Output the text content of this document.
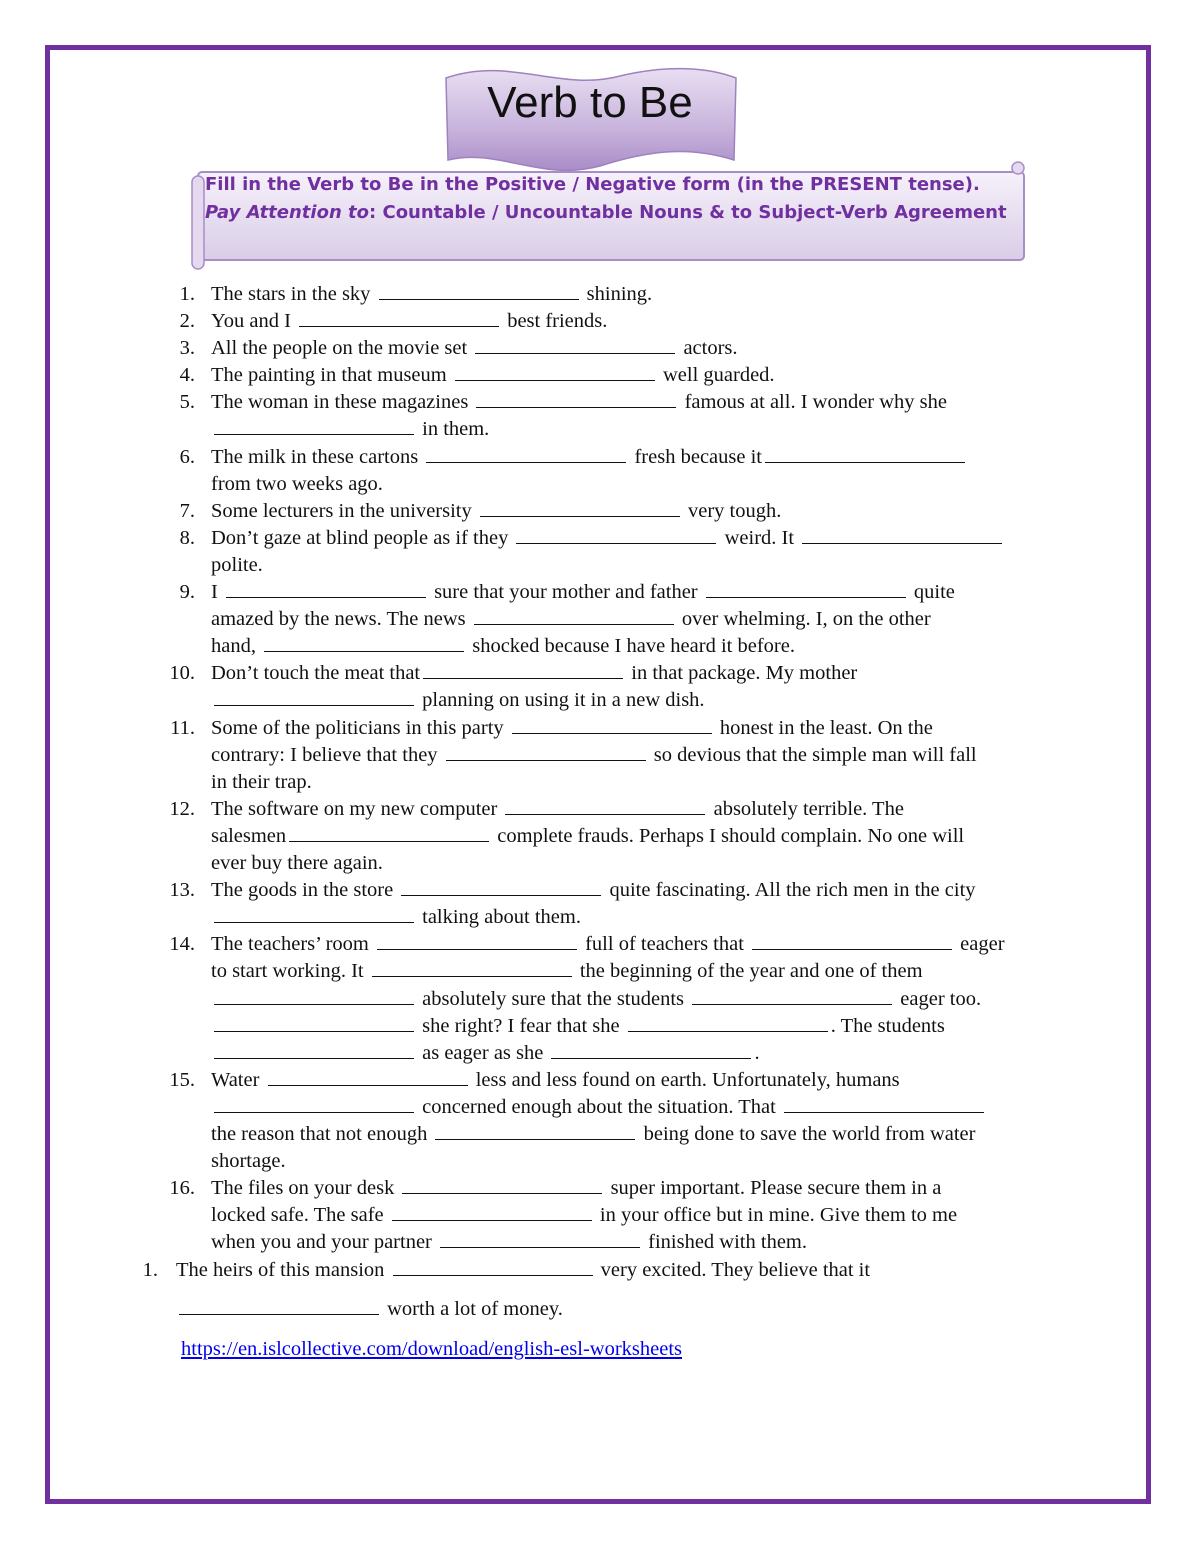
Verb to Be
Fill in the Verb to Be in the Positive / Negative form (in the PRESENT tense).
Pay Attention to: Countable / Uncountable Nouns & to Subject-Verb Agreement
1. The stars in the sky	shining.
2. You and I	best friends.
3. All the people on the movie set	actors.
4. The painting in that museum	well guarded.
5. The woman in these magazines	famous at all. I wonder why she
in them.
6. The milk in these cartons	fresh because it
from two weeks ago.
7. Some lecturers in the university	very tough.
8. Don’t gaze at blind people as if they	weird. It
polite.
9. I	sure that your mother and father	quite
amazed by the news. The news	over whelming. I, on the other
hand,	shocked because I have heard it before.
10. Don’t touch the meat that	in that package. My mother
planning on using it in a new dish.
11. Some of the politicians in this party	honest in the least. On the
contrary: I believe that they	so devious that the simple man will fall
in their trap.
12. The software on my new computer	absolutely terrible. The
salesmen	complete frauds. Perhaps I should complain. No one will
ever buy there again.
13. The goods in the store	quite fascinating. All the rich men in the city
talking about them.
14. The teachers’ room	full of teachers that	eager
to start working. It	the beginning of the year and one of them
absolutely sure that the students	eager too.
she right? I fear that she	. The students
as eager as she	.
15. Water	less and less found on earth. Unfortunately, humans
concerned enough about the situation. That
the reason that not enough	being done to save the world from water
shortage.
16. The files on your desk	super important. Please secure them in a
locked safe. The safe	in your office but in mine. Give them to me
when you and your partner	finished with them.
1. The heirs of this mansion	very excited. They believe that it
worth a lot of money.
https://en.islcollective.com/download/english-esl-worksheets
